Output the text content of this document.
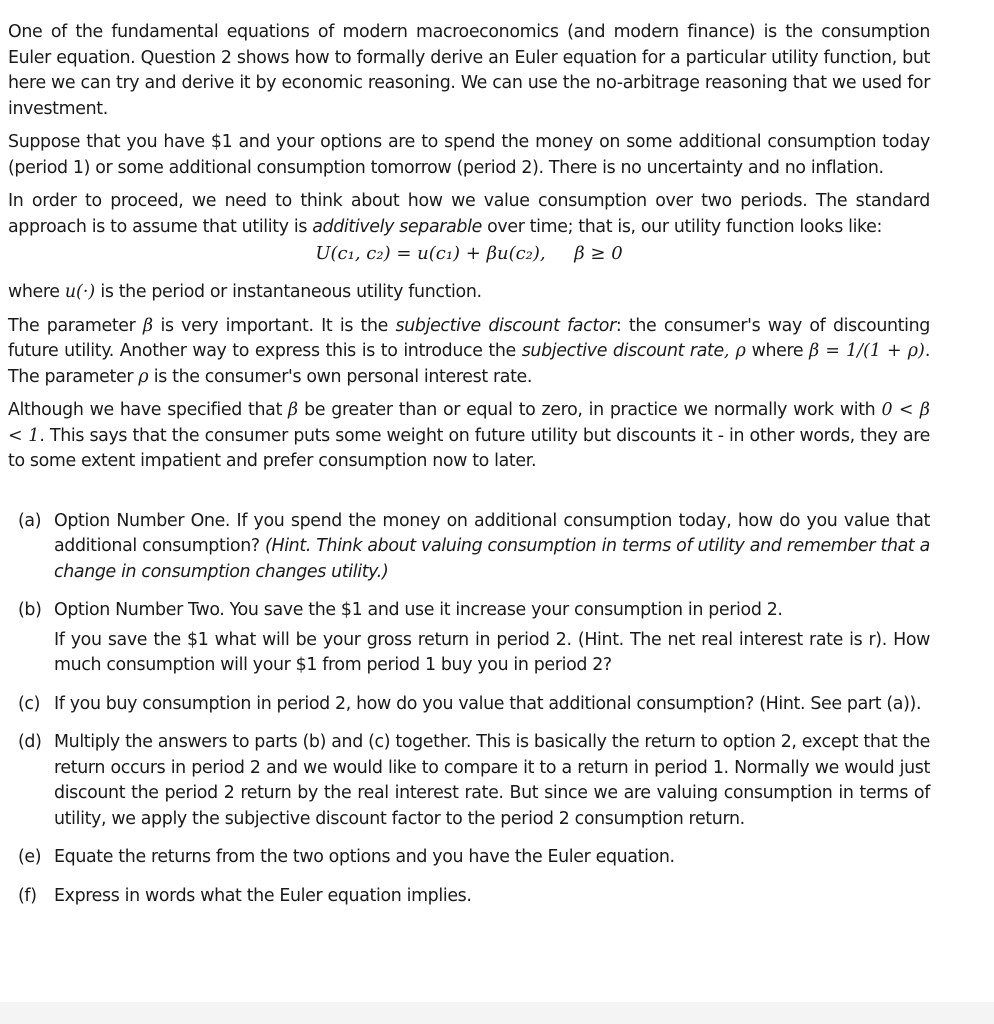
One of the fundamental equations of modern macroeconomics (and modern finance) is the consumption Euler equation. Question 2 shows how to formally derive an Euler equation for a particular utility function, but here we can try and derive it by economic reasoning. We can use the no-arbitrage reasoning that we used for investment.

Suppose that you have $1 and your options are to spend the money on some additional consumption today (period 1) or some additional consumption tomorrow (period 2). There is no uncertainty and no inflation.

In order to proceed, we need to think about how we value consumption over two periods. The standard approach is to assume that utility is additively separable over time; that is, our utility function looks like:

U(c₁, c₂) = u(c₁) + βu(c₂), β ≥ 0

where u(·) is the period or instantaneous utility function.

The parameter β is very important. It is the subjective discount factor: the consumer's way of discounting future utility. Another way to express this is to introduce the subjective discount rate, ρ where β = 1/(1 + ρ). The parameter ρ is the consumer's own personal interest rate.

Although we have specified that β be greater than or equal to zero, in practice we normally work with 0 < β < 1. This says that the consumer puts some weight on future utility but discounts it - in other words, they are to some extent impatient and prefer consumption now to later.

(a) Option Number One. If you spend the money on additional consumption today, how do you value that additional consumption? (Hint. Think about valuing consumption in terms of utility and remember that a change in consumption changes utility.)

(b) Option Number Two. You save the $1 and use it increase your consumption in period 2.

If you save the $1 what will be your gross return in period 2. (Hint. The net real interest rate is r). How much consumption will your $1 from period 1 buy you in period 2?

(c) If you buy consumption in period 2, how do you value that additional consumption? (Hint. See part (a)).

(d) Multiply the answers to parts (b) and (c) together. This is basically the return to option 2, except that the return occurs in period 2 and we would like to compare it to a return in period 1. Normally we would just discount the period 2 return by the real interest rate. But since we are valuing consumption in terms of utility, we apply the subjective discount factor to the period 2 consumption return.

(e) Equate the returns from the two options and you have the Euler equation.

(f) Express in words what the Euler equation implies.
